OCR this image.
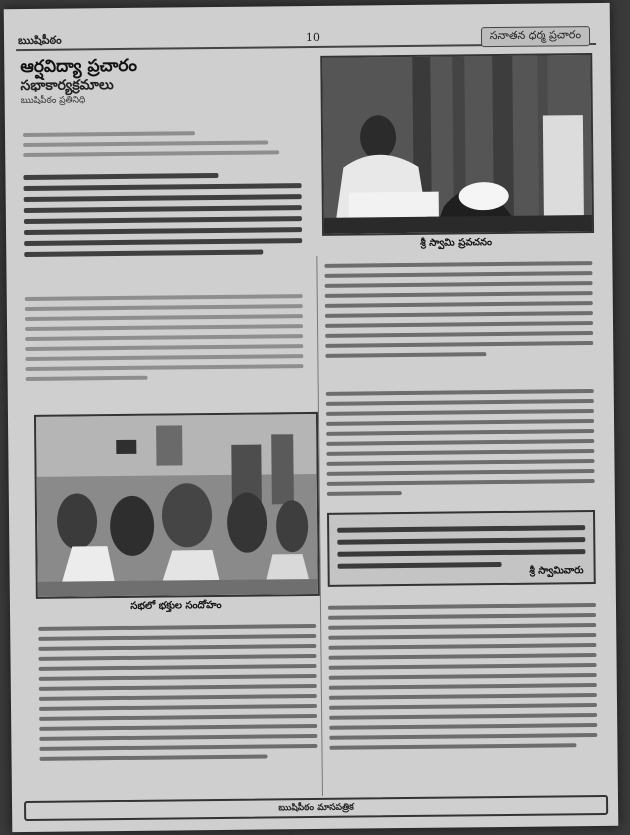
ఋషిపీఠం	10	సనాతన ధర్మ ప్రచారం
ఆర్షవిద్యా ప్రచారం
సభాకార్యక్రమాలు
ఋషిపీఠం ప్రతినిధి
శ్రీ స్వామి ప్రవచనం
శ్రీ స్వామివారు
సభలో భక్తుల సందోహం
ఋషిపీఠం మాసపత్రిక
